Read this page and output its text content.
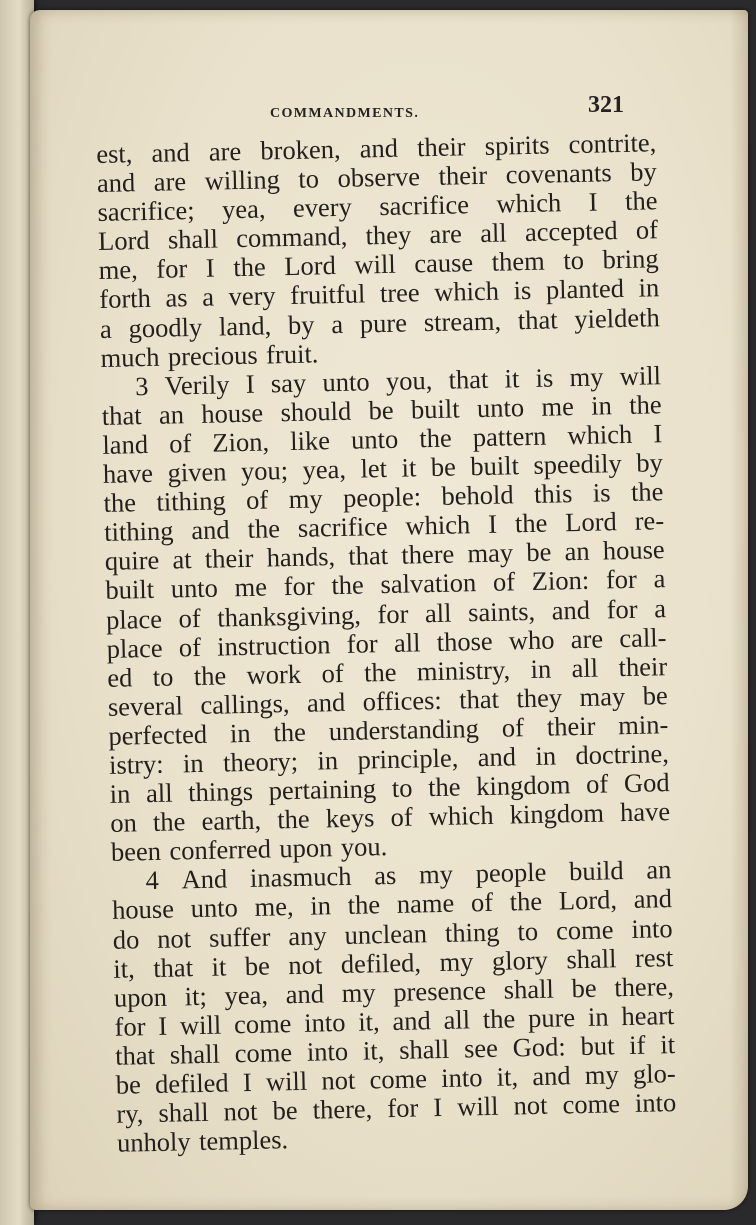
COMMANDMENTS.	321
est, and are broken, and their spirits contrite,
and are willing to observe their covenants by
sacrifice; yea, every sacrifice which I the
Lord shall command, they are all accepted of
me, for I the Lord will cause them to bring
forth as a very fruitful tree which is planted in
a goodly land, by a pure stream, that yieldeth
much precious fruit.
3 Verily I say unto you, that it is my will
that an house should be built unto me in the
land of Zion, like unto the pattern which I
have given you; yea, let it be built speedily by
the tithing of my people: behold this is the
tithing and the sacrifice which I the Lord re-
quire at their hands, that there may be an house
built unto me for the salvation of Zion: for a
place of thanksgiving, for all saints, and for a
place of instruction for all those who are call-
ed to the work of the ministry, in all their
several callings, and offices: that they may be
perfected in the understanding of their min-
istry: in theory; in principle, and in doctrine,
in all things pertaining to the kingdom of God
on the earth, the keys of which kingdom have
been conferred upon you.
4 And inasmuch as my people build an
house unto me, in the name of the Lord, and
do not suffer any unclean thing to come into
it, that it be not defiled, my glory shall rest
upon it; yea, and my presence shall be there,
for I will come into it, and all the pure in heart
that shall come into it, shall see God: but if it
be defiled I will not come into it, and my glo-
ry, shall not be there, for I will not come into
unholy temples.
